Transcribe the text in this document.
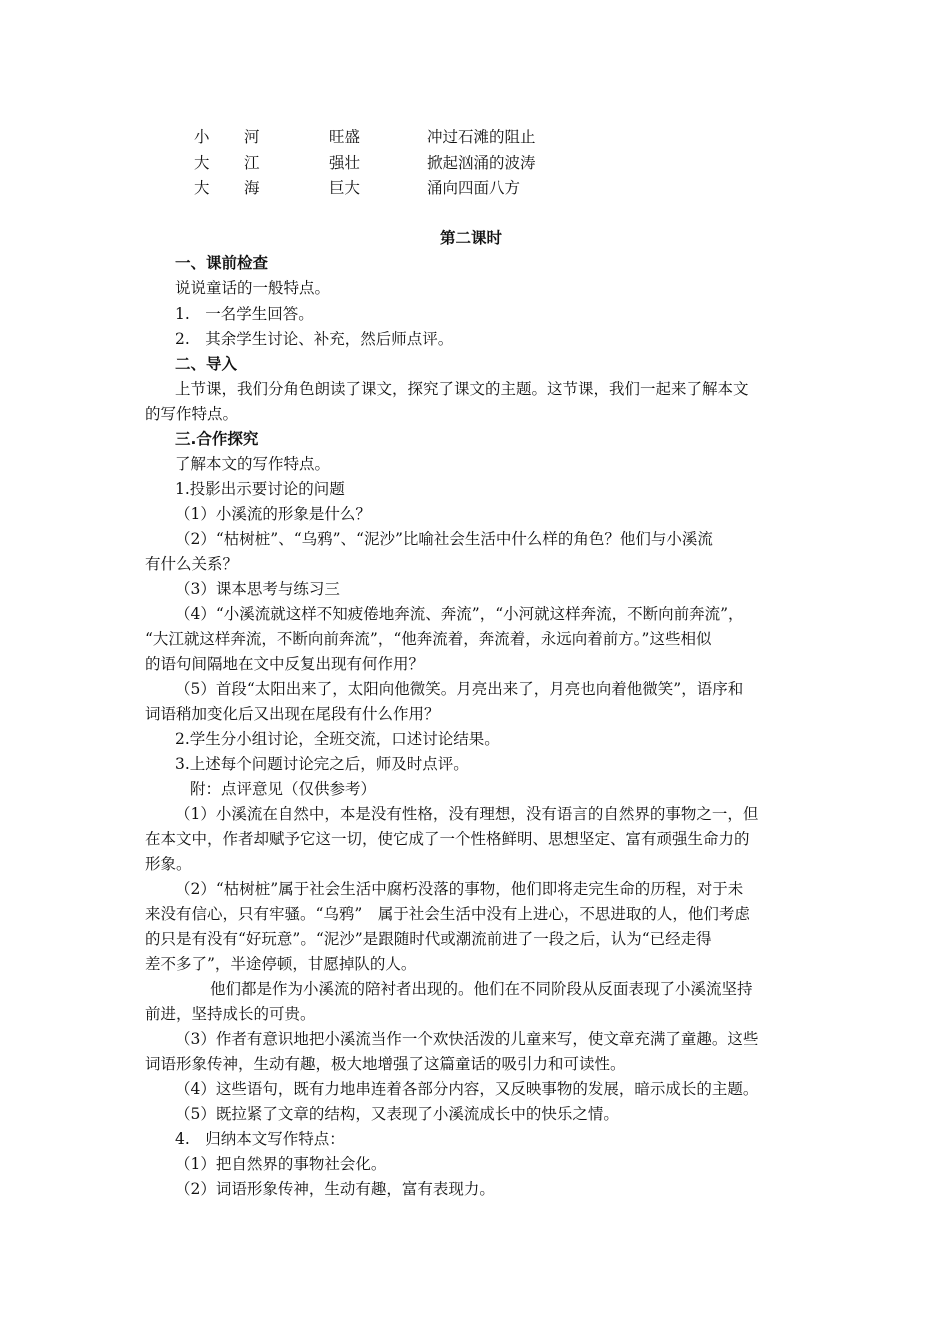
小 河	旺盛	冲过石滩的阻止
大 江	强壮	掀起汹涌的波涛
大 海	巨大	涌向四面八方
第二课时
一、课前检查
说说童话的一般特点。
1.　一名学生回答。
2.　其余学生讨论、补充，然后师点评。
二、导入
上节课，我们分角色朗读了课文，探究了课文的主题。这节课，我们一起来了解本文
的写作特点。
三.合作探究
了解本文的写作特点。
1.投影出示要讨论的问题
（1）小溪流的形象是什么？
（2）“枯树桩”、“乌鸦”、“泥沙”比喻社会生活中什么样的角色？他们与小溪流
有什么关系？
（3）课本思考与练习三
（4）“小溪流就这样不知疲倦地奔流、奔流”，“小河就这样奔流，不断向前奔流”，
“大江就这样奔流，不断向前奔流”，“他奔流着，奔流着，永远向着前方。”这些相似
的语句间隔地在文中反复出现有何作用？
（5）首段“太阳出来了，太阳向他微笑。月亮出来了，月亮也向着他微笑”，语序和
词语稍加变化后又出现在尾段有什么作用？
2.学生分小组讨论，全班交流，口述讨论结果。
3.上述每个问题讨论完之后，师及时点评。
附：点评意见（仅供参考）
（1）小溪流在自然中，本是没有性格，没有理想，没有语言的自然界的事物之一，但
在本文中，作者却赋予它这一切，使它成了一个性格鲜明、思想坚定、富有顽强生命力的
形象。
（2）“枯树桩”属于社会生活中腐朽没落的事物，他们即将走完生命的历程，对于未
来没有信心，只有牢骚。“乌鸦”　属于社会生活中没有上进心，不思进取的人，他们考虑
的只是有没有“好玩意”。“泥沙”是跟随时代或潮流前进了一段之后，认为“已经走得
差不多了”，半途停顿，甘愿掉队的人。
他们都是作为小溪流的陪衬者出现的。他们在不同阶段从反面表现了小溪流坚持
前进，坚持成长的可贵。
（3）作者有意识地把小溪流当作一个欢快活泼的儿童来写，使文章充满了童趣。这些
词语形象传神，生动有趣，极大地增强了这篇童话的吸引力和可读性。
（4）这些语句，既有力地串连着各部分内容，又反映事物的发展，暗示成长的主题。
（5）既拉紧了文章的结构，又表现了小溪流成长中的快乐之情。
4.　归纳本文写作特点：
（1）把自然界的事物社会化。
（2）词语形象传神，生动有趣，富有表现力。
